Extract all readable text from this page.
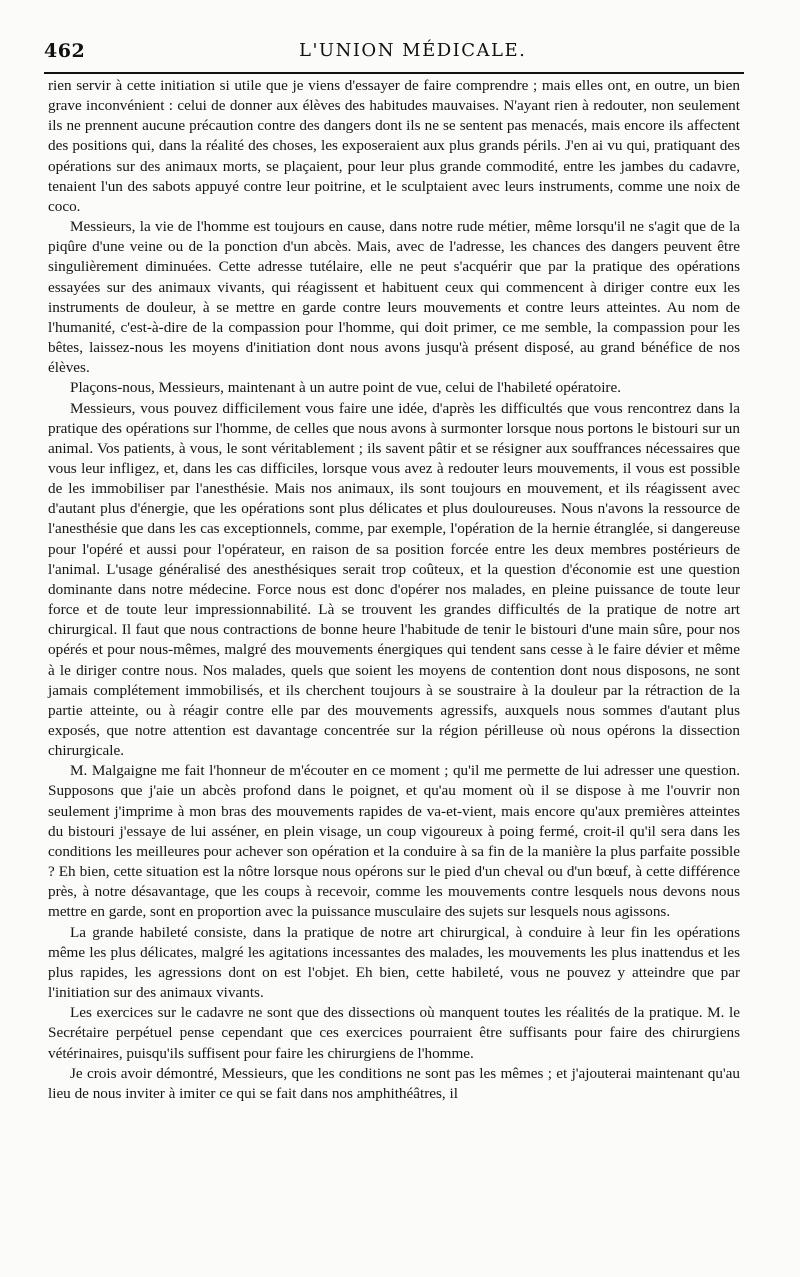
462	L'UNION MÉDICALE.

rien servir à cette initiation si utile que je viens d'essayer de faire comprendre ; mais elles ont, en outre, un bien grave inconvénient : celui de donner aux élèves des habitudes mauvaises. N'ayant rien à redouter, non seulement ils ne prennent aucune précaution contre des dangers dont ils ne se sentent pas menacés, mais encore ils affectent des positions qui, dans la réalité des choses, les exposeraient aux plus grands périls. J'en ai vu qui, pratiquant des opérations sur des animaux morts, se plaçaient, pour leur plus grande commodité, entre les jambes du cadavre, tenaient l'un des sabots appuyé contre leur poitrine, et le sculptaient avec leurs instruments, comme une noix de coco.

Messieurs, la vie de l'homme est toujours en cause, dans notre rude métier, même lorsqu'il ne s'agit que de la piqûre d'une veine ou de la ponction d'un abcès. Mais, avec de l'adresse, les chances des dangers peuvent être singulièrement diminuées. Cette adresse tutélaire, elle ne peut s'acquérir que par la pratique des opérations essayées sur des animaux vivants, qui réagissent et habituent ceux qui commencent à diriger contre eux les instruments de douleur, à se mettre en garde contre leurs mouvements et contre leurs atteintes. Au nom de l'humanité, c'est-à-dire de la compassion pour l'homme, qui doit primer, ce me semble, la compassion pour les bêtes, laissez-nous les moyens d'initiation dont nous avons jusqu'à présent disposé, au grand bénéfice de nos élèves.

Plaçons-nous, Messieurs, maintenant à un autre point de vue, celui de l'habileté opératoire.

Messieurs, vous pouvez difficilement vous faire une idée, d'après les difficultés que vous rencontrez dans la pratique des opérations sur l'homme, de celles que nous avons à surmonter lorsque nous portons le bistouri sur un animal. Vos patients, à vous, le sont véritablement ; ils savent pâtir et se résigner aux souffrances nécessaires que vous leur infligez, et, dans les cas difficiles, lorsque vous avez à redouter leurs mouvements, il vous est possible de les immobiliser par l'anesthésie. Mais nos animaux, ils sont toujours en mouvement, et ils réagissent avec d'autant plus d'énergie, que les opérations sont plus délicates et plus douloureuses. Nous n'avons la ressource de l'anesthésie que dans les cas exceptionnels, comme, par exemple, l'opération de la hernie étranglée, si dangereuse pour l'opéré et aussi pour l'opérateur, en raison de sa position forcée entre les deux membres postérieurs de l'animal. L'usage généralisé des anesthésiques serait trop coûteux, et la question d'économie est une question dominante dans notre médecine. Force nous est donc d'opérer nos malades, en pleine puissance de toute leur force et de toute leur impressionnabilité. Là se trouvent les grandes difficultés de la pratique de notre art chirurgical. Il faut que nous contractions de bonne heure l'habitude de tenir le bistouri d'une main sûre, pour nos opérés et pour nous-mêmes, malgré des mouvements énergiques qui tendent sans cesse à le faire dévier et même à le diriger contre nous. Nos malades, quels que soient les moyens de contention dont nous disposons, ne sont jamais complétement immobilisés, et ils cherchent toujours à se soustraire à la douleur par la rétraction de la partie atteinte, ou à réagir contre elle par des mouvements agressifs, auxquels nous sommes d'autant plus exposés, que notre attention est davantage concentrée sur la région périlleuse où nous opérons la dissection chirurgicale.

M. Malgaigne me fait l'honneur de m'écouter en ce moment ; qu'il me permette de lui adresser une question. Supposons que j'aie un abcès profond dans le poignet, et qu'au moment où il se dispose à me l'ouvrir non seulement j'imprime à mon bras des mouvements rapides de va-et-vient, mais encore qu'aux premières atteintes du bistouri j'essaye de lui asséner, en plein visage, un coup vigoureux à poing fermé, croit-il qu'il sera dans les conditions les meilleures pour achever son opération et la conduire à sa fin de la manière la plus parfaite possible ? Eh bien, cette situation est la nôtre lorsque nous opérons sur le pied d'un cheval ou d'un bœuf, à cette différence près, à notre désavantage, que les coups à recevoir, comme les mouvements contre lesquels nous devons nous mettre en garde, sont en proportion avec la puissance musculaire des sujets sur lesquels nous agissons.

La grande habileté consiste, dans la pratique de notre art chirurgical, à conduire à leur fin les opérations même les plus délicates, malgré les agitations incessantes des malades, les mouvements les plus inattendus et les plus rapides, les agressions dont on est l'objet. Eh bien, cette habileté, vous ne pouvez y atteindre que par l'initiation sur des animaux vivants.

Les exercices sur le cadavre ne sont que des dissections où manquent toutes les réalités de la pratique. M. le Secrétaire perpétuel pense cependant que ces exercices pourraient être suffisants pour faire des chirurgiens vétérinaires, puisqu'ils suffisent pour faire les chirurgiens de l'homme.

Je crois avoir démontré, Messieurs, que les conditions ne sont pas les mêmes ; et j'ajouterai maintenant qu'au lieu de nous inviter à imiter ce qui se fait dans nos amphithéâtres, il
